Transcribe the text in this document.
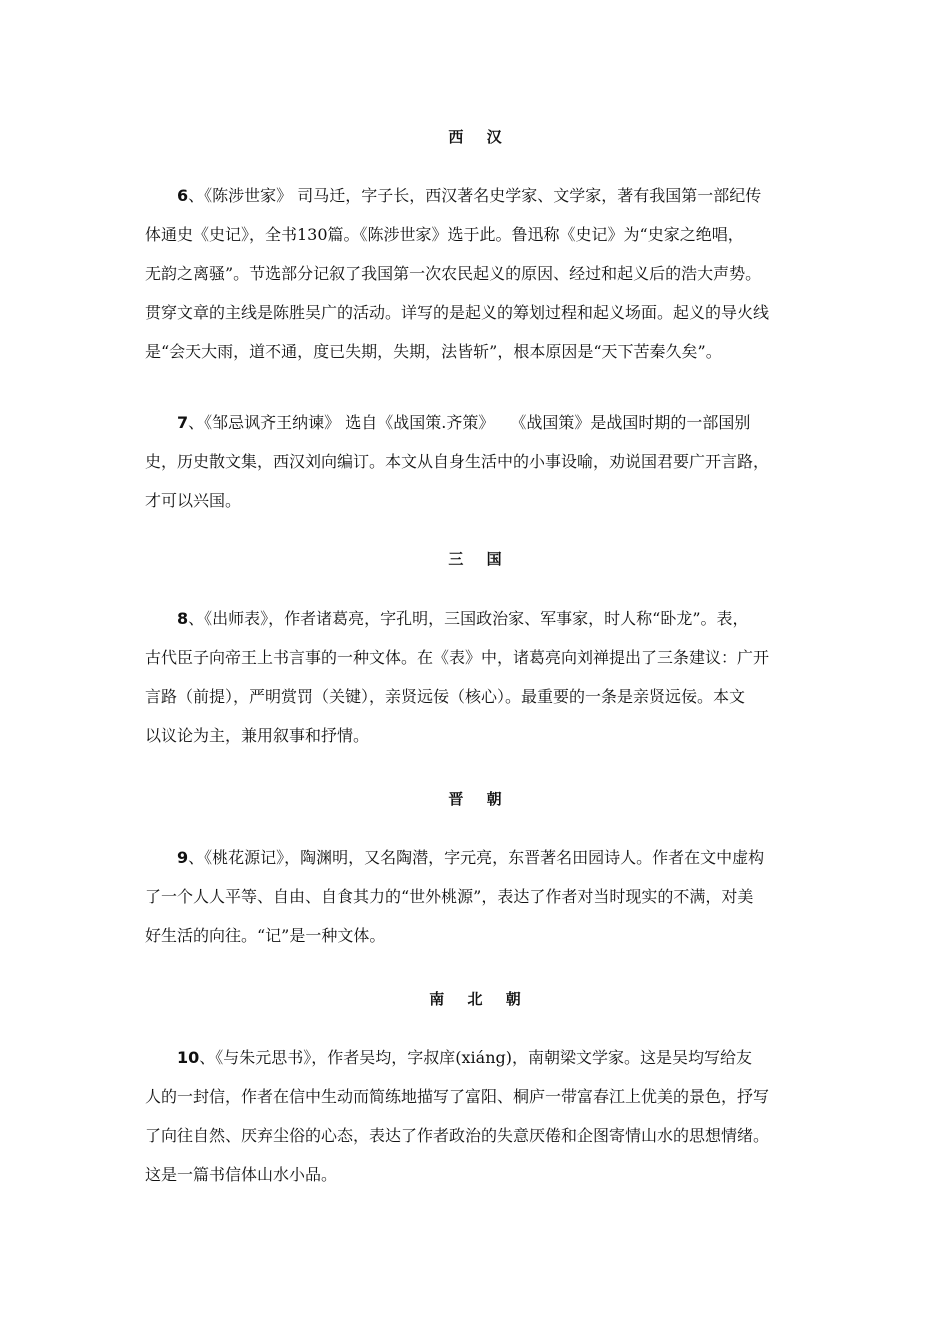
西 汉
6、《陈涉世家》 司马迁，字子长，西汉著名史学家、文学家，著有我国第一部纪传
体通史《史记》，全书130篇。《陈涉世家》选于此。鲁迅称《史记》为“史家之绝唱，
无韵之离骚”。节选部分记叙了我国第一次农民起义的原因、经过和起义后的浩大声势。
贯穿文章的主线是陈胜吴广的活动。详写的是起义的筹划过程和起义场面。起义的导火线
是“会天大雨，道不通，度已失期，失期，法皆斩”，根本原因是“天下苦秦久矣”。
7、《邹忌讽齐王纳谏》 选自《战国策.齐策》　　《战国策》是战国时期的一部国别
史，历史散文集，西汉刘向编订。本文从自身生活中的小事设喻，劝说国君要广开言路，
才可以兴国。
三 国
8、《出师表》，作者诸葛亮，字孔明，三国政治家、军事家，时人称“卧龙”。表，
古代臣子向帝王上书言事的一种文体。在《表》中，诸葛亮向刘禅提出了三条建议：广开
言路（前提），严明赏罚（关键），亲贤远佞（核心）。最重要的一条是亲贤远佞。本文
以议论为主，兼用叙事和抒情。
晋 朝
9、《桃花源记》，陶渊明，又名陶潜，字元亮，东晋著名田园诗人。作者在文中虚构
了一个人人平等、自由、自食其力的“世外桃源”，表达了作者对当时现实的不满，对美
好生活的向往。“记”是一种文体。
南 北 朝
10、《与朱元思书》，作者吴均，字叔庠(xiáng)，南朝梁文学家。这是吴均写给友
人的一封信，作者在信中生动而简练地描写了富阳、桐庐一带富春江上优美的景色，抒写
了向往自然、厌弃尘俗的心态，表达了作者政治的失意厌倦和企图寄情山水的思想情绪。
这是一篇书信体山水小品。
